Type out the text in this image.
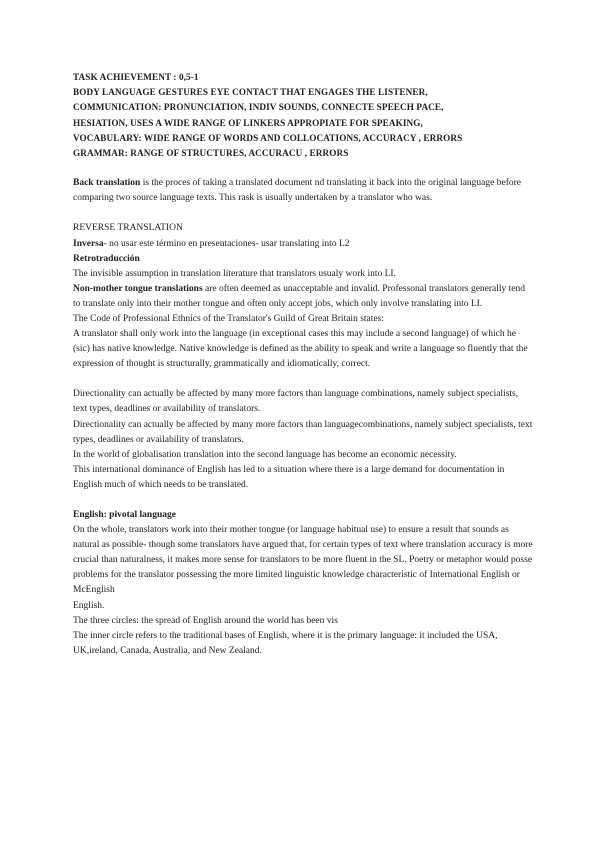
TASK ACHIEVEMENT : 0,5-1

BODY LANGUAGE GESTURES EYE CONTACT THAT ENGAGES THE LISTENER,

COMMUNICATION: PRONUNCIATION, INDIV SOUNDS, CONNECTE SPEECH PACE,

HESIATION, USES A WIDE RANGE OF LINKERS APPROPIATE FOR SPEAKING,

VOCABULARY: WIDE RANGE OF WORDS AND COLLOCATIONS, ACCURACY , ERRORS

GRAMMAR: RANGE OF STRUCTURES, ACCURACU , ERRORS

Back translation is the proces of taking a translated document nd translating it back into the original language before comparing two source language texts. This rask is usually undertaken by a translator who was.

REVERSE TRANSLATION

Inversa- no usar este término en presentaciones- usar translating into L2

Retrotraducción

The invisible assumption in translation literature that translators usualy work into LI.

Non-mother tongue translations are often deemed as unacceptable and invalid. Professonal translators generally tend to translate only into their mother tongue and often only accept jobs, which only involve translating into LI.

The Code of Professional Ethnics of the Translator's Guild of Great Britain states:

A translator shall only work into the language (in exceptional cases this may include a second language) of which he (sic) has native knowledge. Native knowledge is defined as the ability to speak and write a language so fluently that the expression of thought is structurally, grammatically and idiomatically, correct.

Directionality can actually be affected by many more factors than language combinations, namely subject specialists, text types, deadlines or availability of translators.

Directionality can actually be affected by many more factors than languagecombinations, namely subject specialists, text types, deadlines or availability of translators.

In the world of globalisation translation into the second language has become an economic necessity.

This international dominance of English has led to a situation where there is a large demand for documentation in English much of which needs to be translated.

English: pivotal language

On the whole, translators work into their mother tongue (or language habitual use) to ensure a result that sounds as natural as possible- though some translators have argued that, for certain types of text where translation accuracy is more crucial than naturalness, it makes more sense for translators to be more fluent in the SL. Poetry or metaphor would posse problems for the translator possessing the more limited linguistic knowledge characteristic of International English or McEnglish

English.

The three circles: the spread of English around the world has been vis

The inner circle refers to the traditional bases of English, where it is the primary language: it included the USA, UK,ireland, Canada, Australia, and New Zealand.
